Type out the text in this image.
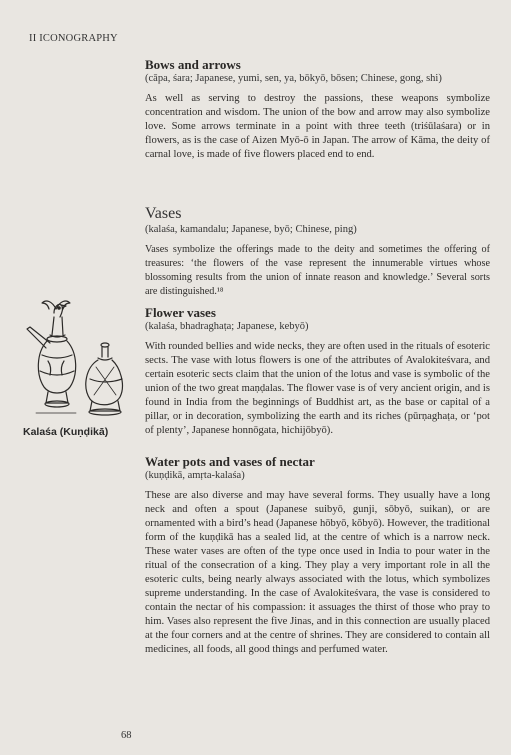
II ICONOGRAPHY
Bows and arrows

(cāpa, śara; Japanese, yumi, sen, ya, bōkyō, bōsen; Chinese, gong, shi)

As well as serving to destroy the passions, these weapons symbolize concentration and wisdom. The union of the bow and arrow may also symbolize love. Some arrows terminate in a point with three teeth (triśūlaśara) or in flowers, as is the case of Aizen Myō-ō in Japan. The arrow of Kāma, the deity of carnal love, is made of five flowers placed end to end.

Vases

(kalaśa, kamandalu; Japanese, byō; Chinese, ping)

Vases symbolize the offerings made to the deity and sometimes the offering of treasures: ‘the flowers of the vase represent the innumerable virtues whose blossoming results from the union of innate reason and knowledge.’ Several sorts are distinguished.¹⁸

Flower vases

(kalaśa, bhadraghaṭa; Japanese, kebyō)

With rounded bellies and wide necks, they are often used in the rituals of esoteric sects. The vase with lotus flowers is one of the attributes of Avalokiteśvara, and certain esoteric sects claim that the union of the lotus and vase is symbolic of the union of the two great maṇḍalas. The flower vase is of very ancient origin, and is found in India from the beginnings of Buddhist art, as the base or capital of a pillar, or in decoration, symbolizing the earth and its riches (pūrṇaghaṭa, or ‘pot of plenty’, Japanese honnōgata, hichijōbyō).

Water pots and vases of nectar

(kuṇḍikā, amṛta-kalaśa)

These are also diverse and may have several forms. They usually have a long neck and often a spout (Japanese suibyō, gunji, sōbyō, suikan), or are ornamented with a bird’s head (Japanese hōbyō, kōbyō). However, the traditional form of the kuṇḍikā has a sealed lid, at the centre of which is a narrow neck. These water vases are often of the type once used in India to pour water in the ritual of the consecration of a king. They play a very important role in all the esoteric cults, being nearly always associated with the lotus, which symbolizes supreme understanding. In the case of Avalokiteśvara, the vase is considered to contain the nectar of his compassion: it assuages the thirst of those who pray to him. Vases also represent the five Jinas, and in this connection are usually placed at the four corners and at the centre of shrines. They are considered to contain all medicines, all foods, all good things and perfumed water.

Kalaśa (Kuṇḍikā)
68
